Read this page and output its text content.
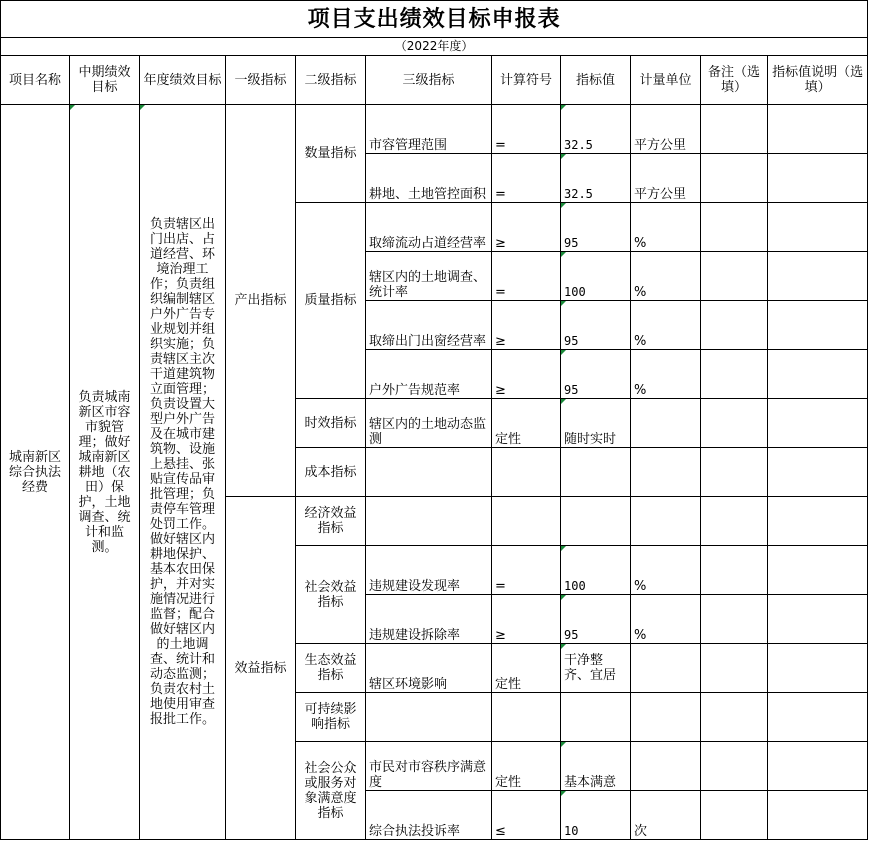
项目支出绩效目标申报表										
（2022年度）										
项目名称	中期绩效目标	年度绩效目标	一级指标	二级指标	三级指标	计算符号	指标值	计量单位	备注（选填）	指标值说明（选填）
城南新区综合执法经费	负责城南新区市容市貌管理；做好城南新区耕地（农田）保护，土地调查、统计和监测。	负责辖区出门出店、占道经营、环境治理工作；负责组织编制辖区户外广告专业规划并组织实施；负责辖区主次干道建筑物立面管理；负责设置大型户外广告及在城市建筑物、设施上悬挂、张贴宣传品审批管理；负责停车管理处罚工作。做好辖区内耕地保护、基本农田保护，并对实施情况进行监督；配合做好辖区内的土地调查、统计和动态监测；负责农村土地使用审查报批工作。	产出指标	数量指标	市容管理范围	=	32.5	平方公里		
					耕地、土地管控面积	=	32.5	平方公里		
				质量指标	取缔流动占道经营率	≥	95	%		
					辖区内的土地调查、统计率	=	100	%		
					取缔出门出窗经营率	≥	95	%		
					户外广告规范率	≥	95	%		
				时效指标	辖区内的土地动态监测	定性	随时实时			
				成本指标						
			效益指标	经济效益指标						
				社会效益指标	违规建设发现率	=	100	%		
					违规建设拆除率	≥	95	%		
				生态效益指标	辖区环境影响	定性	干净整齐、宜居			
				可持续影响指标						
				社会公众或服务对象满意度指标	市民对市容秩序满意度	定性	基本满意			
					综合执法投诉率	≤	10	次		
